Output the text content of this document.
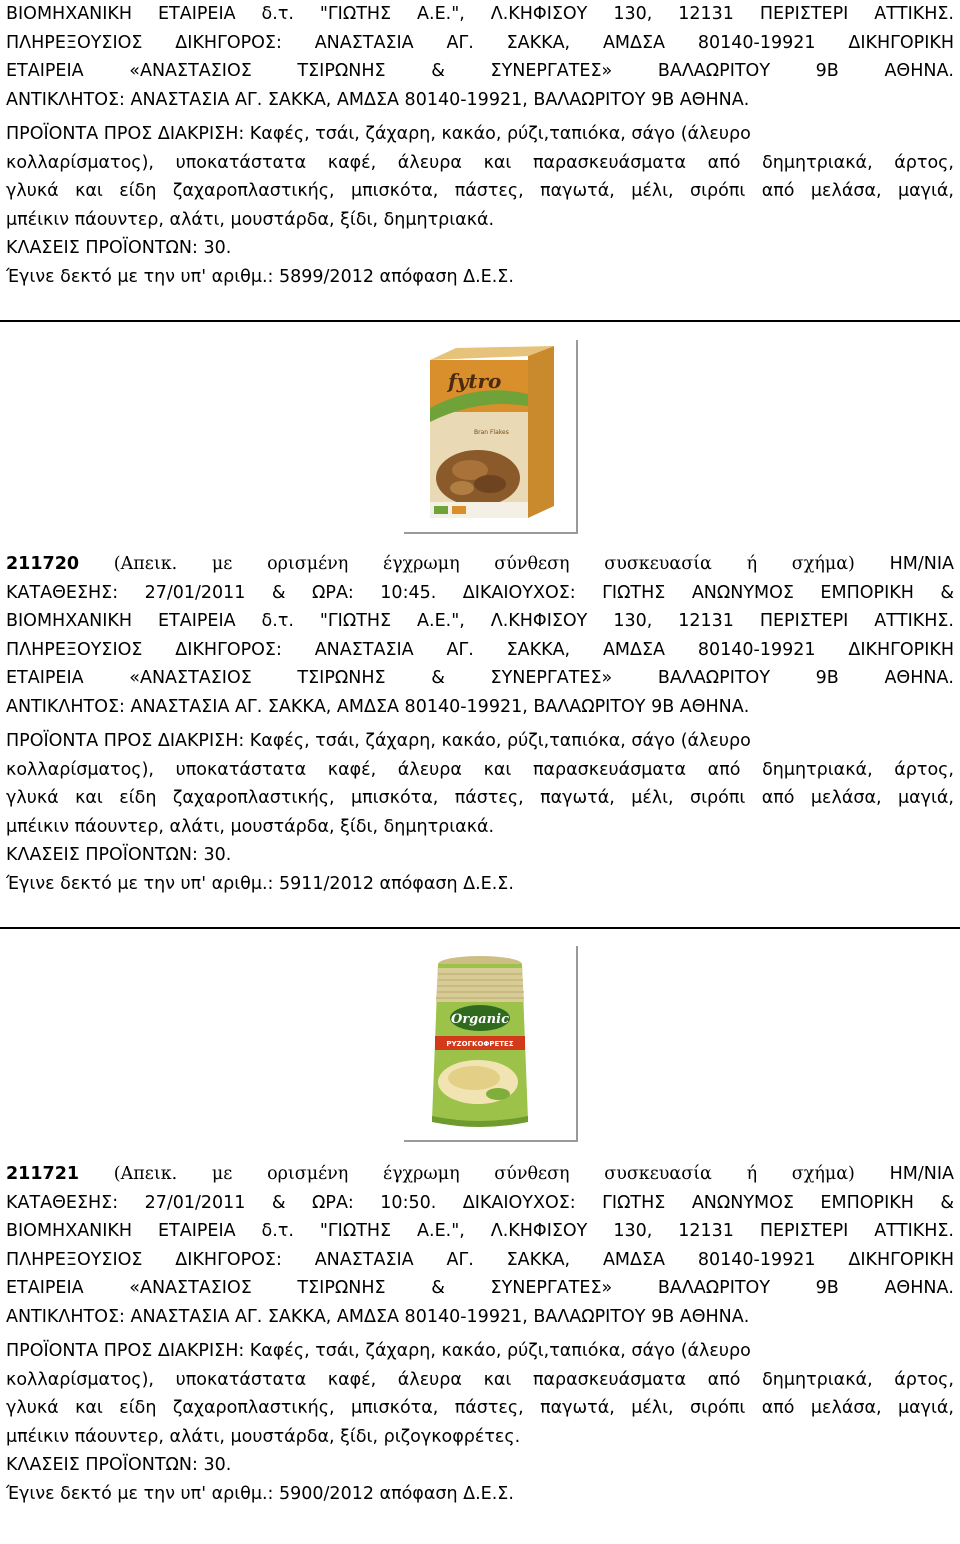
ΒΙΟΜΗΧΑΝΙΚΗ ΕΤΑΙΡΕΙΑ δ.τ. "ΓΙΩΤΗΣ Α.Ε.", Λ.ΚΗΦΙΣΟΥ 130, 12131 ΠΕΡΙΣΤΕΡΙ ΑΤΤΙΚΗΣ.
ΠΛΗΡΕΞΟΥΣΙΟΣ ΔΙΚΗΓΟΡΟΣ: ΑΝΑΣΤΑΣΙΑ ΑΓ. ΣΑΚΚΑ, ΑΜΔΣΑ 80140-19921 ΔΙΚΗΓΟΡΙΚΗ
ΕΤΑΙΡΕΙΑ «ΑΝΑΣΤΑΣΙΟΣ ΤΣΙΡΩΝΗΣ & ΣΥΝΕΡΓΑΤΕΣ» ΒΑΛΑΩΡΙΤΟΥ 9Β ΑΘΗΝΑ.
ΑΝΤΙΚΛΗΤΟΣ: ΑΝΑΣΤΑΣΙΑ ΑΓ. ΣΑΚΚΑ, ΑΜΔΣΑ 80140-19921, ΒΑΛΑΩΡΙΤΟΥ 9Β ΑΘΗΝΑ.
ΠΡΟΪΟΝΤΑ ΠΡΟΣ ΔΙΑΚΡΙΣΗ: Καφές, τσάι, ζάχαρη, κακάο, ρύζι,ταπιόκα, σάγο (άλευρο
κολλαρίσματος), υποκατάστατα καφέ, άλευρα και παρασκευάσματα από δημητριακά, άρτος,
γλυκά και είδη ζαχαροπλαστικής, μπισκότα, πάστες, παγωτά, μέλι, σιρόπι από μελάσα, μαγιά,
μπέικιν πάουντερ, αλάτι, μουστάρδα, ξίδι, δημητριακά.
ΚΛΑΣΕΙΣ ΠΡΟΪΟΝΤΩΝ: 30.
Έγινε δεκτό με την υπ' αριθμ.: 5899/2012 απόφαση Δ.Ε.Σ.
fytro
Bran Flakes
211720 (Απεικ. με ορισμένη έγχρωμη σύνθεση συσκευασία ή σχήμα) ΗΜ/ΝΙΑ
ΚΑΤΑΘΕΣΗΣ: 27/01/2011 & ΩΡΑ: 10:45. ΔΙΚΑΙΟΥΧΟΣ: ΓΙΩΤΗΣ ΑΝΩΝΥΜΟΣ ΕΜΠΟΡΙΚΗ &
ΒΙΟΜΗΧΑΝΙΚΗ ΕΤΑΙΡΕΙΑ δ.τ. "ΓΙΩΤΗΣ Α.Ε.", Λ.ΚΗΦΙΣΟΥ 130, 12131 ΠΕΡΙΣΤΕΡΙ ΑΤΤΙΚΗΣ.
ΠΛΗΡΕΞΟΥΣΙΟΣ ΔΙΚΗΓΟΡΟΣ: ΑΝΑΣΤΑΣΙΑ ΑΓ. ΣΑΚΚΑ, ΑΜΔΣΑ 80140-19921 ΔΙΚΗΓΟΡΙΚΗ
ΕΤΑΙΡΕΙΑ «ΑΝΑΣΤΑΣΙΟΣ ΤΣΙΡΩΝΗΣ & ΣΥΝΕΡΓΑΤΕΣ» ΒΑΛΑΩΡΙΤΟΥ 9Β ΑΘΗΝΑ.
ΑΝΤΙΚΛΗΤΟΣ: ΑΝΑΣΤΑΣΙΑ ΑΓ. ΣΑΚΚΑ, ΑΜΔΣΑ 80140-19921, ΒΑΛΑΩΡΙΤΟΥ 9Β ΑΘΗΝΑ.
ΠΡΟΪΟΝΤΑ ΠΡΟΣ ΔΙΑΚΡΙΣΗ: Καφές, τσάι, ζάχαρη, κακάο, ρύζι,ταπιόκα, σάγο (άλευρο
κολλαρίσματος), υποκατάστατα καφέ, άλευρα και παρασκευάσματα από δημητριακά, άρτος,
γλυκά και είδη ζαχαροπλαστικής, μπισκότα, πάστες, παγωτά, μέλι, σιρόπι από μελάσα, μαγιά,
μπέικιν πάουντερ, αλάτι, μουστάρδα, ξίδι, δημητριακά.
ΚΛΑΣΕΙΣ ΠΡΟΪΟΝΤΩΝ: 30.
Έγινε δεκτό με την υπ' αριθμ.: 5911/2012 απόφαση Δ.Ε.Σ.
Organic
ΡΥΖΟΓΚΟΦΡΕΤΕΣ
211721 (Απεικ. με ορισμένη έγχρωμη σύνθεση συσκευασία ή σχήμα) ΗΜ/ΝΙΑ
ΚΑΤΑΘΕΣΗΣ: 27/01/2011 & ΩΡΑ: 10:50. ΔΙΚΑΙΟΥΧΟΣ: ΓΙΩΤΗΣ ΑΝΩΝΥΜΟΣ ΕΜΠΟΡΙΚΗ &
ΒΙΟΜΗΧΑΝΙΚΗ ΕΤΑΙΡΕΙΑ δ.τ. "ΓΙΩΤΗΣ Α.Ε.", Λ.ΚΗΦΙΣΟΥ 130, 12131 ΠΕΡΙΣΤΕΡΙ ΑΤΤΙΚΗΣ.
ΠΛΗΡΕΞΟΥΣΙΟΣ ΔΙΚΗΓΟΡΟΣ: ΑΝΑΣΤΑΣΙΑ ΑΓ. ΣΑΚΚΑ, ΑΜΔΣΑ 80140-19921 ΔΙΚΗΓΟΡΙΚΗ
ΕΤΑΙΡΕΙΑ «ΑΝΑΣΤΑΣΙΟΣ ΤΣΙΡΩΝΗΣ & ΣΥΝΕΡΓΑΤΕΣ» ΒΑΛΑΩΡΙΤΟΥ 9Β ΑΘΗΝΑ.
ΑΝΤΙΚΛΗΤΟΣ: ΑΝΑΣΤΑΣΙΑ ΑΓ. ΣΑΚΚΑ, ΑΜΔΣΑ 80140-19921, ΒΑΛΑΩΡΙΤΟΥ 9Β ΑΘΗΝΑ.
ΠΡΟΪΟΝΤΑ ΠΡΟΣ ΔΙΑΚΡΙΣΗ: Καφές, τσάι, ζάχαρη, κακάο, ρύζι,ταπιόκα, σάγο (άλευρο
κολλαρίσματος), υποκατάστατα καφέ, άλευρα και παρασκευάσματα από δημητριακά, άρτος,
γλυκά και είδη ζαχαροπλαστικής, μπισκότα, πάστες, παγωτά, μέλι, σιρόπι από μελάσα, μαγιά,
μπέικιν πάουντερ, αλάτι, μουστάρδα, ξίδι, ριζογκοφρέτες.
ΚΛΑΣΕΙΣ ΠΡΟΪΟΝΤΩΝ: 30.
Έγινε δεκτό με την υπ' αριθμ.: 5900/2012 απόφαση Δ.Ε.Σ.
